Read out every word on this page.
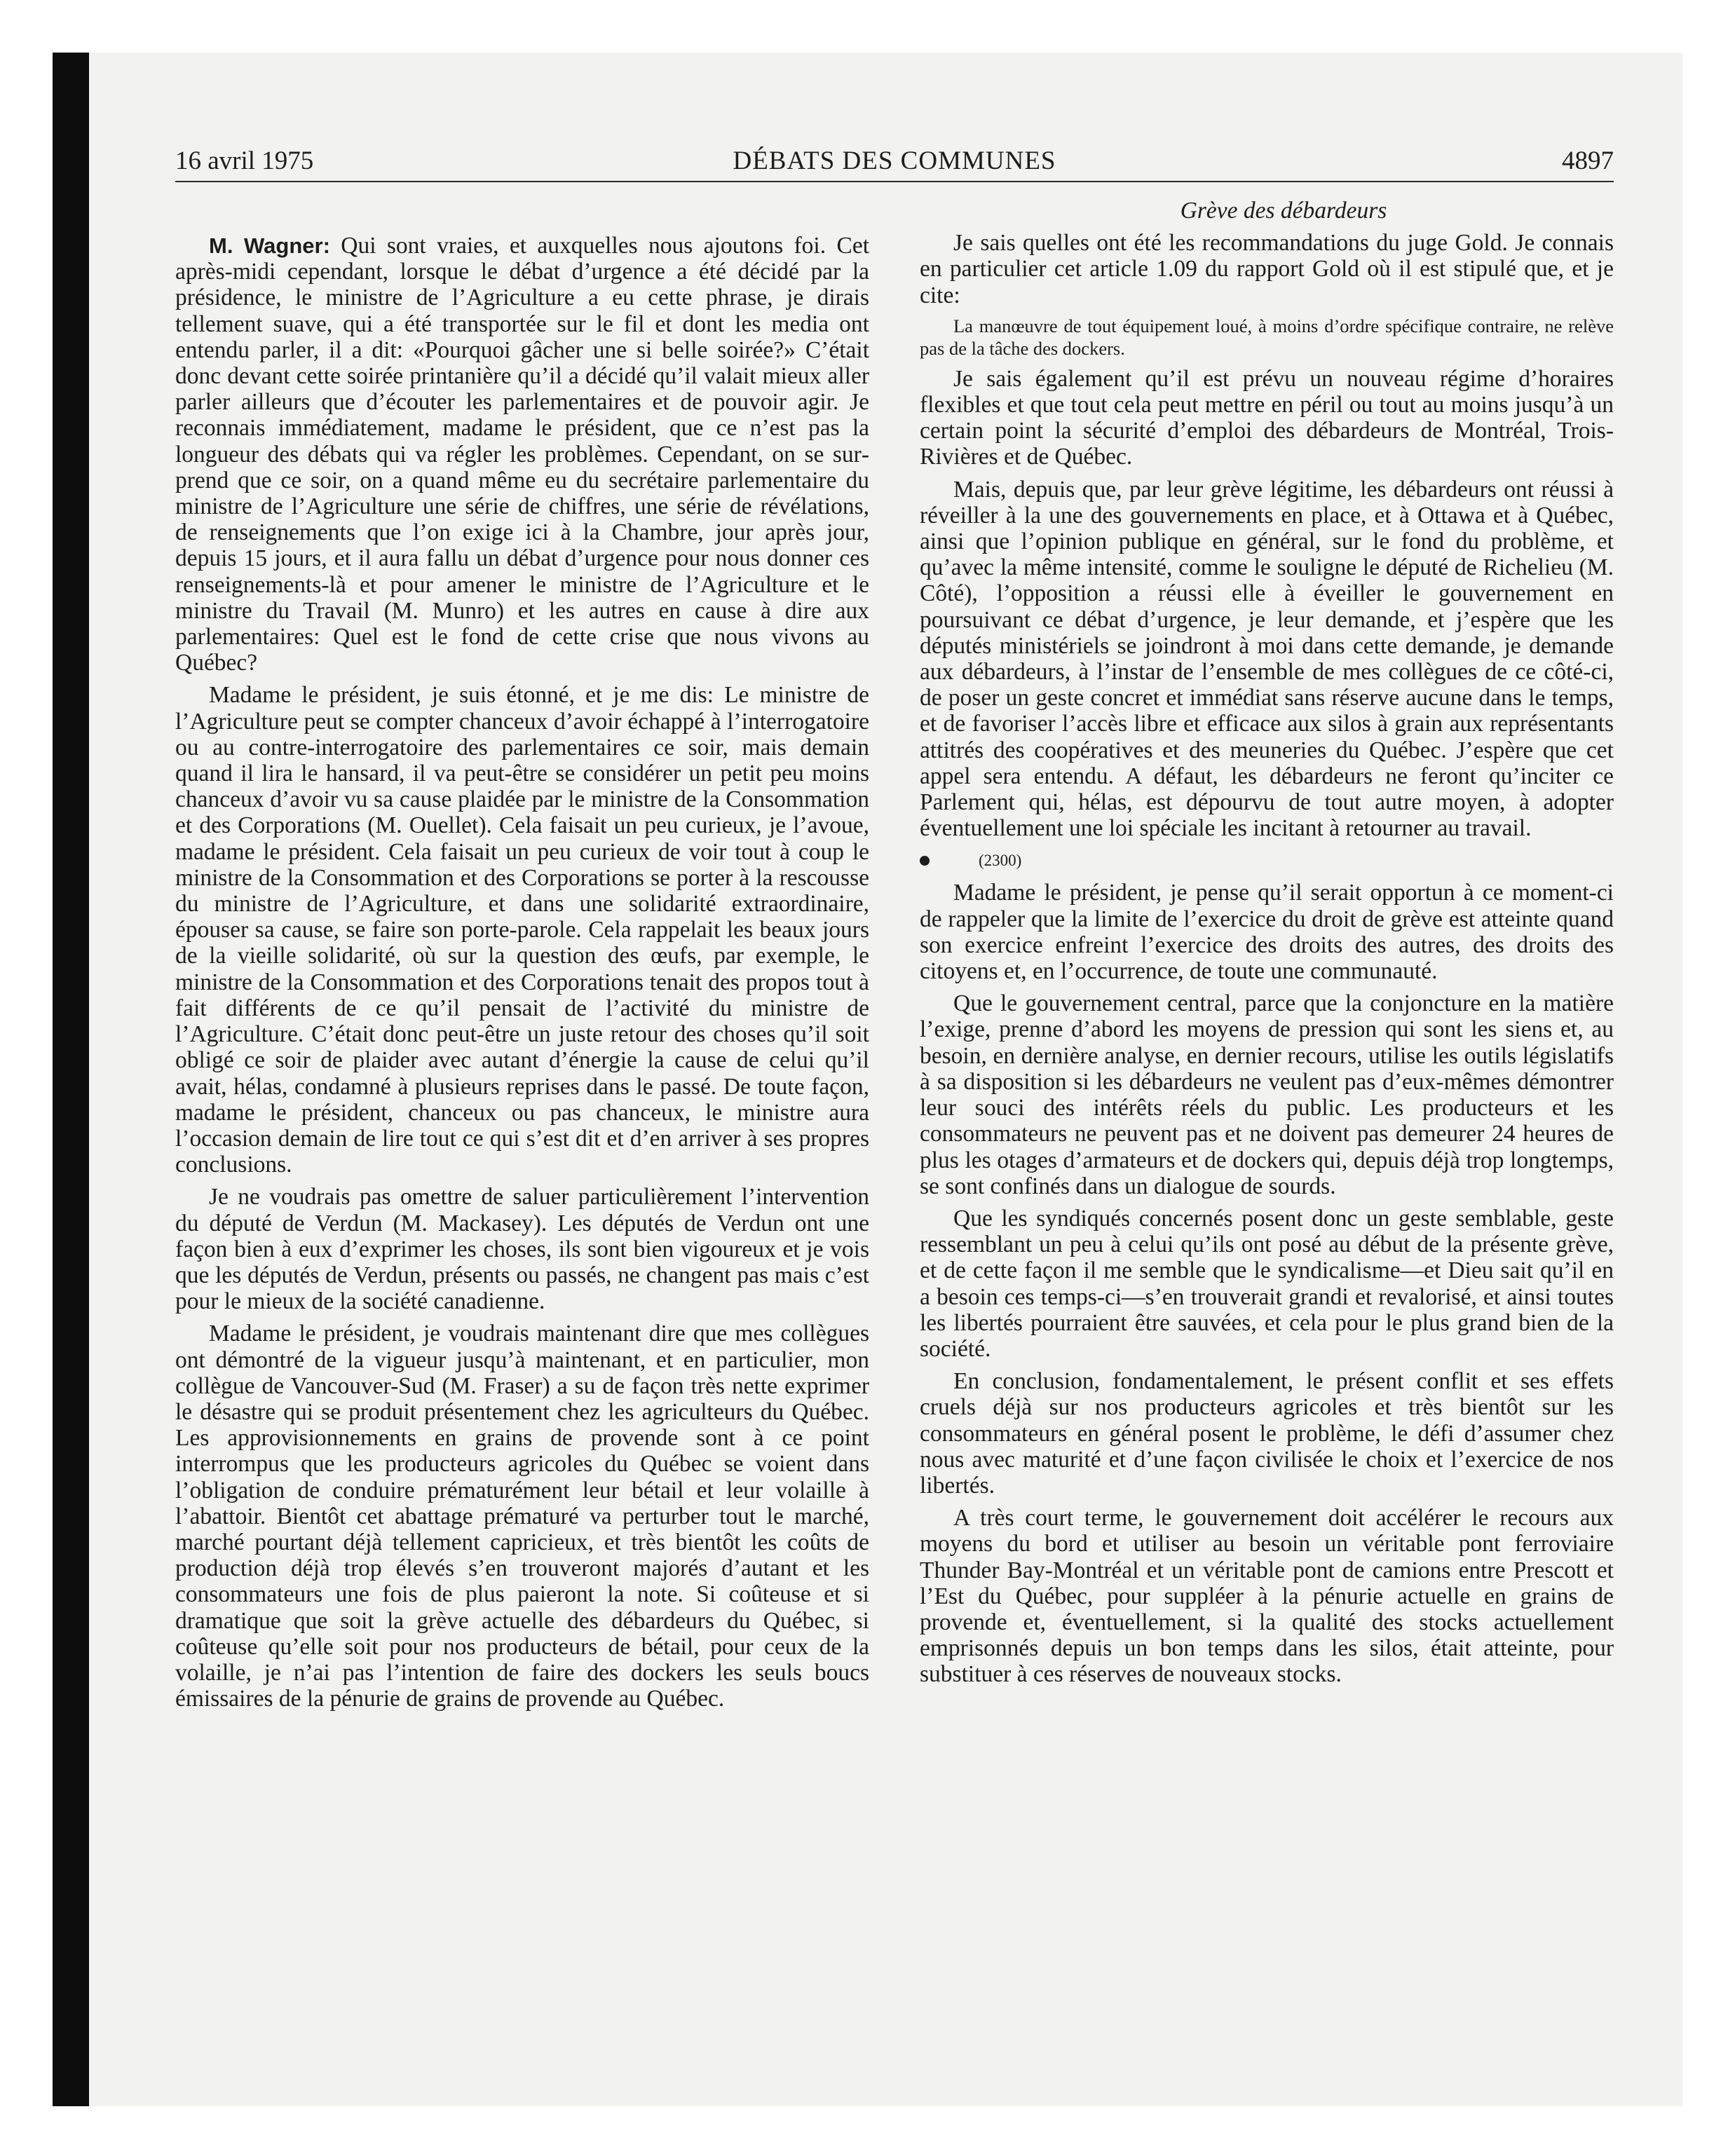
16 avril 1975	DÉBATS DES COMMUNES	4897

M. Wagner: Qui sont vraies, et auxquelles nous ajoutons foi. Cet après-midi cependant, lorsque le débat d’urgence a été décidé par la présidence, le ministre de l’Agriculture a eu cette phrase, je dirais tellement suave, qui a été transportée sur le fil et dont les media ont entendu parler, il a dit: «Pourquoi gâcher une si belle soirée?» C’était donc devant cette soirée printanière qu’il a décidé qu’il valait mieux aller parler ailleurs que d’écouter les parlementaires et de pouvoir agir. Je reconnais immédiatement, madame le président, que ce n’est pas la longueur des débats qui va régler les problèmes. Cependant, on se surprend que ce soir, on a quand même eu du secrétaire parlementaire du ministre de l’Agriculture une série de chiffres, une série de révélations, de renseignements que l’on exige ici à la Chambre, jour après jour, depuis 15 jours, et il aura fallu un débat d’urgence pour nous donner ces renseignements-là et pour amener le ministre de l’Agriculture et le ministre du Travail (M. Munro) et les autres en cause à dire aux parlementaires: Quel est le fond de cette crise que nous vivons au Québec?

Madame le président, je suis étonné, et je me dis: Le ministre de l’Agriculture peut se compter chanceux d’avoir échappé à l’interrogatoire ou au contre-interrogatoire des parlementaires ce soir, mais demain quand il lira le hansard, il va peut-être se considérer un petit peu moins chanceux d’avoir vu sa cause plaidée par le ministre de la Consommation et des Corporations (M. Ouellet). Cela faisait un peu curieux, je l’avoue, madame le président. Cela faisait un peu curieux de voir tout à coup le ministre de la Consommation et des Corporations se porter à la rescousse du ministre de l’Agriculture, et dans une solidarité extraordinaire, épouser sa cause, se faire son porte-parole. Cela rappelait les beaux jours de la vieille solidarité, où sur la question des œufs, par exemple, le ministre de la Consommation et des Corporations tenait des propos tout à fait différents de ce qu’il pensait de l’activité du ministre de l’Agriculture. C’était donc peut-être un juste retour des choses qu’il soit obligé ce soir de plaider avec autant d’énergie la cause de celui qu’il avait, hélas, condamné à plusieurs reprises dans le passé. De toute façon, madame le président, chanceux ou pas chanceux, le ministre aura l’occasion demain de lire tout ce qui s’est dit et d’en arriver à ses propres conclusions.

Je ne voudrais pas omettre de saluer particulièrement l’intervention du député de Verdun (M. Mackasey). Les députés de Verdun ont une façon bien à eux d’exprimer les choses, ils sont bien vigoureux et je vois que les députés de Verdun, présents ou passés, ne changent pas mais c’est pour le mieux de la société canadienne.

Madame le président, je voudrais maintenant dire que mes collègues ont démontré de la vigueur jusqu’à maintenant, et en particulier, mon collègue de Vancouver-Sud (M. Fraser) a su de façon très nette exprimer le désastre qui se produit présentement chez les agriculteurs du Québec. Les approvisionnements en grains de provende sont à ce point interrompus que les producteurs agricoles du Québec se voient dans l’obligation de conduire prématurément leur bétail et leur volaille à l’abattoir. Bientôt cet abattage prématuré va perturber tout le marché, marché pourtant déjà tellement capricieux, et très bientôt les coûts de production déjà trop élevés s’en trouveront majorés d’autant et les consommateurs une fois de plus paieront la note. Si coûteuse et si dramatique que soit la grève actuelle des débardeurs du Québec, si coûteuse qu’elle soit pour nos producteurs de bétail, pour ceux de la volaille, je n’ai pas l’intention de faire des dockers les seuls boucs émissaires de la pénurie de grains de provende au Québec.

Grève des débardeurs

Je sais quelles ont été les recommandations du juge Gold. Je connais en particulier cet article 1.09 du rapport Gold où il est stipulé que, et je cite:

La manœuvre de tout équipement loué, à moins d’ordre spécifique contraire, ne relève pas de la tâche des dockers.

Je sais également qu’il est prévu un nouveau régime d’horaires flexibles et que tout cela peut mettre en péril ou tout au moins jusqu’à un certain point la sécurité d’emploi des débardeurs de Montréal, Trois-Rivières et de Québec.

Mais, depuis que, par leur grève légitime, les débardeurs ont réussi à réveiller à la une des gouvernements en place, et à Ottawa et à Québec, ainsi que l’opinion publique en général, sur le fond du problème, et qu’avec la même intensité, comme le souligne le député de Richelieu (M. Côté), l’opposition a réussi elle à éveiller le gouvernement en poursuivant ce débat d’urgence, je leur demande, et j’espère que les députés ministériels se joindront à moi dans cette demande, je demande aux débardeurs, à l’instar de l’ensemble de mes collègues de ce côté-ci, de poser un geste concret et immédiat sans réserve aucune dans le temps, et de favoriser l’accès libre et efficace aux silos à grain aux représentants attitrés des coopératives et des meuneries du Québec. J’espère que cet appel sera entendu. A défaut, les débardeurs ne feront qu’inciter ce Parlement qui, hélas, est dépourvu de tout autre moyen, à adopter éventuellement une loi spéciale les incitant à retourner au travail.

(2300)

Madame le président, je pense qu’il serait opportun à ce moment-ci de rappeler que la limite de l’exercice du droit de grève est atteinte quand son exercice enfreint l’exercice des droits des autres, des droits des citoyens et, en l’occurrence, de toute une communauté.

Que le gouvernement central, parce que la conjoncture en la matière l’exige, prenne d’abord les moyens de pression qui sont les siens et, au besoin, en dernière analyse, en dernier recours, utilise les outils législatifs à sa disposition si les débardeurs ne veulent pas d’eux-mêmes démontrer leur souci des intérêts réels du public. Les producteurs et les consommateurs ne peuvent pas et ne doivent pas demeurer 24 heures de plus les otages d’armateurs et de dockers qui, depuis déjà trop longtemps, se sont confinés dans un dialogue de sourds.

Que les syndiqués concernés posent donc un geste semblable, geste ressemblant un peu à celui qu’ils ont posé au début de la présente grève, et de cette façon il me semble que le syndicalisme—et Dieu sait qu’il en a besoin ces temps-ci—s’en trouverait grandi et revalorisé, et ainsi toutes les libertés pourraient être sauvées, et cela pour le plus grand bien de la société.

En conclusion, fondamentalement, le présent conflit et ses effets cruels déjà sur nos producteurs agricoles et très bientôt sur les consommateurs en général posent le problème, le défi d’assumer chez nous avec maturité et d’une façon civilisée le choix et l’exercice de nos libertés.

A très court terme, le gouvernement doit accélérer le recours aux moyens du bord et utiliser au besoin un véritable pont ferroviaire Thunder Bay-Montréal et un véritable pont de camions entre Prescott et l’Est du Québec, pour suppléer à la pénurie actuelle en grains de provende et, éventuellement, si la qualité des stocks actuellement emprisonnés depuis un bon temps dans les silos, était atteinte, pour substituer à ces réserves de nouveaux stocks.
